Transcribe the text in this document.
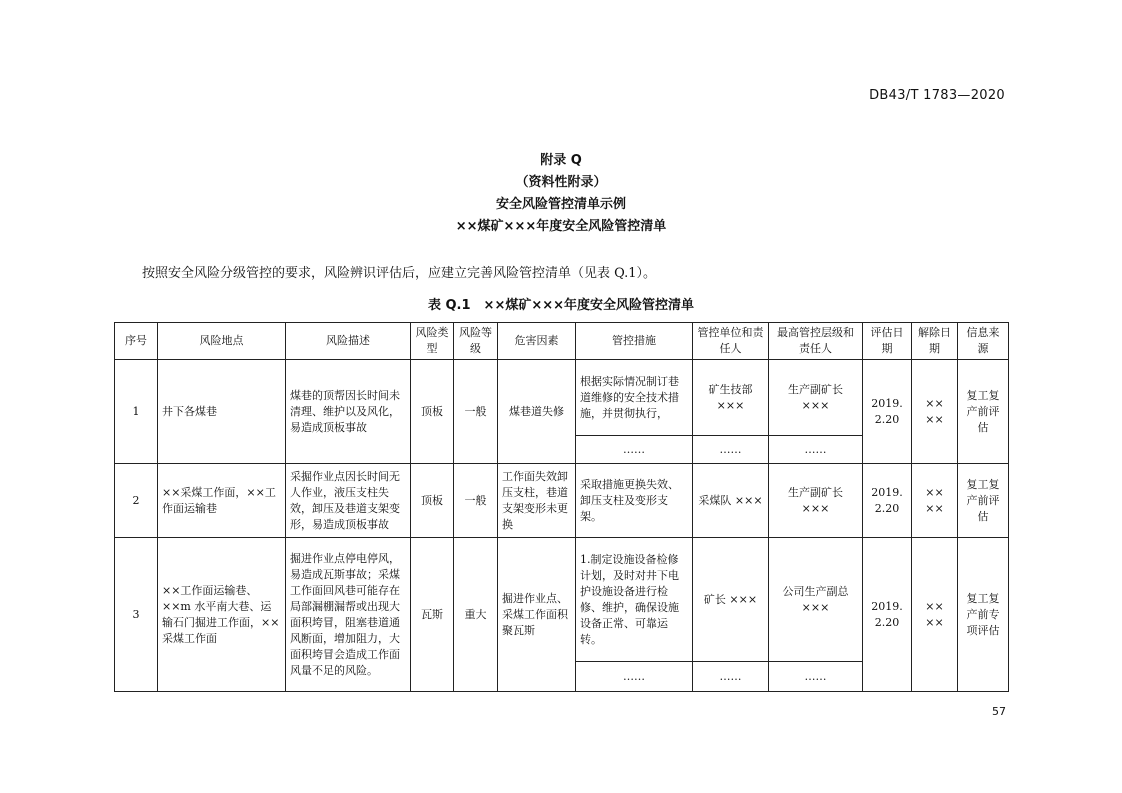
DB43/T 1783—2020
附录 Q
（资料性附录）
安全风险管控清单示例
××煤矿×××年度安全风险管控清单
按照安全风险分级管控的要求，风险辨识评估后，应建立完善风险管控清单（见表 Q.1）。
表 Q.1　××煤矿×××年度安全风险管控清单
序号	风险地点	风险描述	风险类型	风险等级	危害因素	管控措施	管控单位和责任人	最高管控层级和责任人	评估日期	解除日期	信息来源
1	井下各煤巷	煤巷的顶帮因长时间未清理、维护以及风化，易造成顶板事故	顶板	一般	煤巷道失修	根据实际情况制订巷道维修的安全技术措施，并贯彻执行，	矿生技部 ×××	生产副矿长 ×××	2019. 2.20	×× ××	复工复产前评估
						……	……	……			
2	××采煤工作面，××工作面运输巷	采掘作业点因长时间无人作业，液压支柱失效，卸压及巷道支架变形，易造成顶板事故	顶板	一般	工作面失效卸压支柱，巷道支架变形未更换	采取措施更换失效、卸压支柱及变形支架。	采煤队 ×××	生产副矿长 ×××	2019. 2.20	×× ××	复工复产前评估
3	××工作面运输巷、××m 水平南大巷、运输石门掘进工作面，××采煤工作面	掘进作业点停电停风，易造成瓦斯事故；采煤工作面回风巷可能存在局部漏棚漏帮或出现大面积垮冒，阻塞巷道通风断面，增加阻力，大面积垮冒会造成工作面风量不足的风险。	瓦斯	重大	掘进作业点、采煤工作面积聚瓦斯	1.制定设施设备检修计划，及时对井下电护设施设备进行检修、维护，确保设施设备正常、可靠运转。	矿长 ×××	公司生产副总 ×××	2019. 2.20	×× ××	复工复产前专项评估
						……	……	……			
57
